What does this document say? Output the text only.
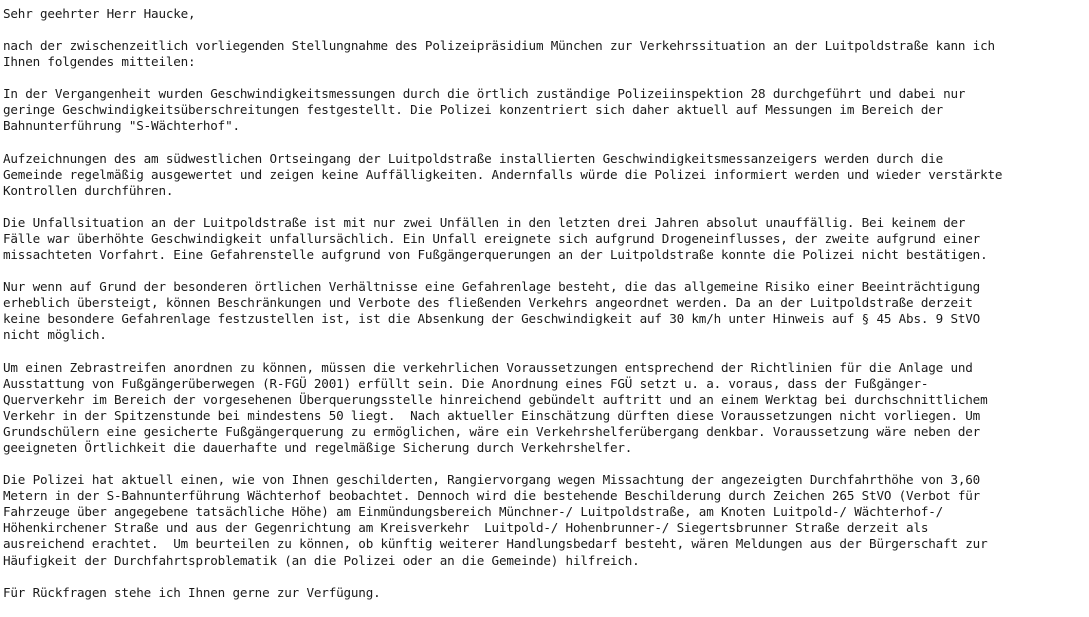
Sehr geehrter Herr Haucke,

nach der zwischenzeitlich vorliegenden Stellungnahme des Polizeipräsidium München zur Verkehrssituation an der Luitpoldstraße kann ich
Ihnen folgendes mitteilen:

In der Vergangenheit wurden Geschwindigkeitsmessungen durch die örtlich zuständige Polizeiinspektion 28 durchgeführt und dabei nur
geringe Geschwindigkeitsüberschreitungen festgestellt. Die Polizei konzentriert sich daher aktuell auf Messungen im Bereich der
Bahnunterführung "S-Wächterhof".

Aufzeichnungen des am südwestlichen Ortseingang der Luitpoldstraße installierten Geschwindigkeitsmessanzeigers werden durch die
Gemeinde regelmäßig ausgewertet und zeigen keine Auffälligkeiten. Andernfalls würde die Polizei informiert werden und wieder verstärkte
Kontrollen durchführen.

Die Unfallsituation an der Luitpoldstraße ist mit nur zwei Unfällen in den letzten drei Jahren absolut unauffällig. Bei keinem der
Fälle war überhöhte Geschwindigkeit unfallursächlich. Ein Unfall ereignete sich aufgrund Drogeneinflusses, der zweite aufgrund einer
missachteten Vorfahrt. Eine Gefahrenstelle aufgrund von Fußgängerquerungen an der Luitpoldstraße konnte die Polizei nicht bestätigen.

Nur wenn auf Grund der besonderen örtlichen Verhältnisse eine Gefahrenlage besteht, die das allgemeine Risiko einer Beeinträchtigung
erheblich übersteigt, können Beschränkungen und Verbote des fließenden Verkehrs angeordnet werden. Da an der Luitpoldstraße derzeit
keine besondere Gefahrenlage festzustellen ist, ist die Absenkung der Geschwindigkeit auf 30 km/h unter Hinweis auf § 45 Abs. 9 StVO
nicht möglich.

Um einen Zebrastreifen anordnen zu können, müssen die verkehrlichen Voraussetzungen entsprechend der Richtlinien für die Anlage und
Ausstattung von Fußgängerüberwegen (R-FGÜ 2001) erfüllt sein. Die Anordnung eines FGÜ setzt u. a. voraus, dass der Fußgänger-
Querverkehr im Bereich der vorgesehenen Überquerungsstelle hinreichend gebündelt auftritt und an einem Werktag bei durchschnittlichem
Verkehr in der Spitzenstunde bei mindestens 50 liegt.  Nach aktueller Einschätzung dürften diese Voraussetzungen nicht vorliegen. Um
Grundschülern eine gesicherte Fußgängerquerung zu ermöglichen, wäre ein Verkehrshelferübergang denkbar. Voraussetzung wäre neben der
geeigneten Örtlichkeit die dauerhafte und regelmäßige Sicherung durch Verkehrshelfer.

Die Polizei hat aktuell einen, wie von Ihnen geschilderten, Rangiervorgang wegen Missachtung der angezeigten Durchfahrthöhe von 3,60
Metern in der S-Bahnunterführung Wächterhof beobachtet. Dennoch wird die bestehende Beschilderung durch Zeichen 265 StVO (Verbot für
Fahrzeuge über angegebene tatsächliche Höhe) am Einmündungsbereich Münchner-/ Luitpoldstraße, am Knoten Luitpold-/ Wächterhof-/
Höhenkirchener Straße und aus der Gegenrichtung am Kreisverkehr  Luitpold-/ Hohenbrunner-/ Siegertsbrunner Straße derzeit als
ausreichend erachtet.  Um beurteilen zu können, ob künftig weiterer Handlungsbedarf besteht, wären Meldungen aus der Bürgerschaft zur
Häufigkeit der Durchfahrtsproblematik (an die Polizei oder an die Gemeinde) hilfreich.

Für Rückfragen stehe ich Ihnen gerne zur Verfügung.
